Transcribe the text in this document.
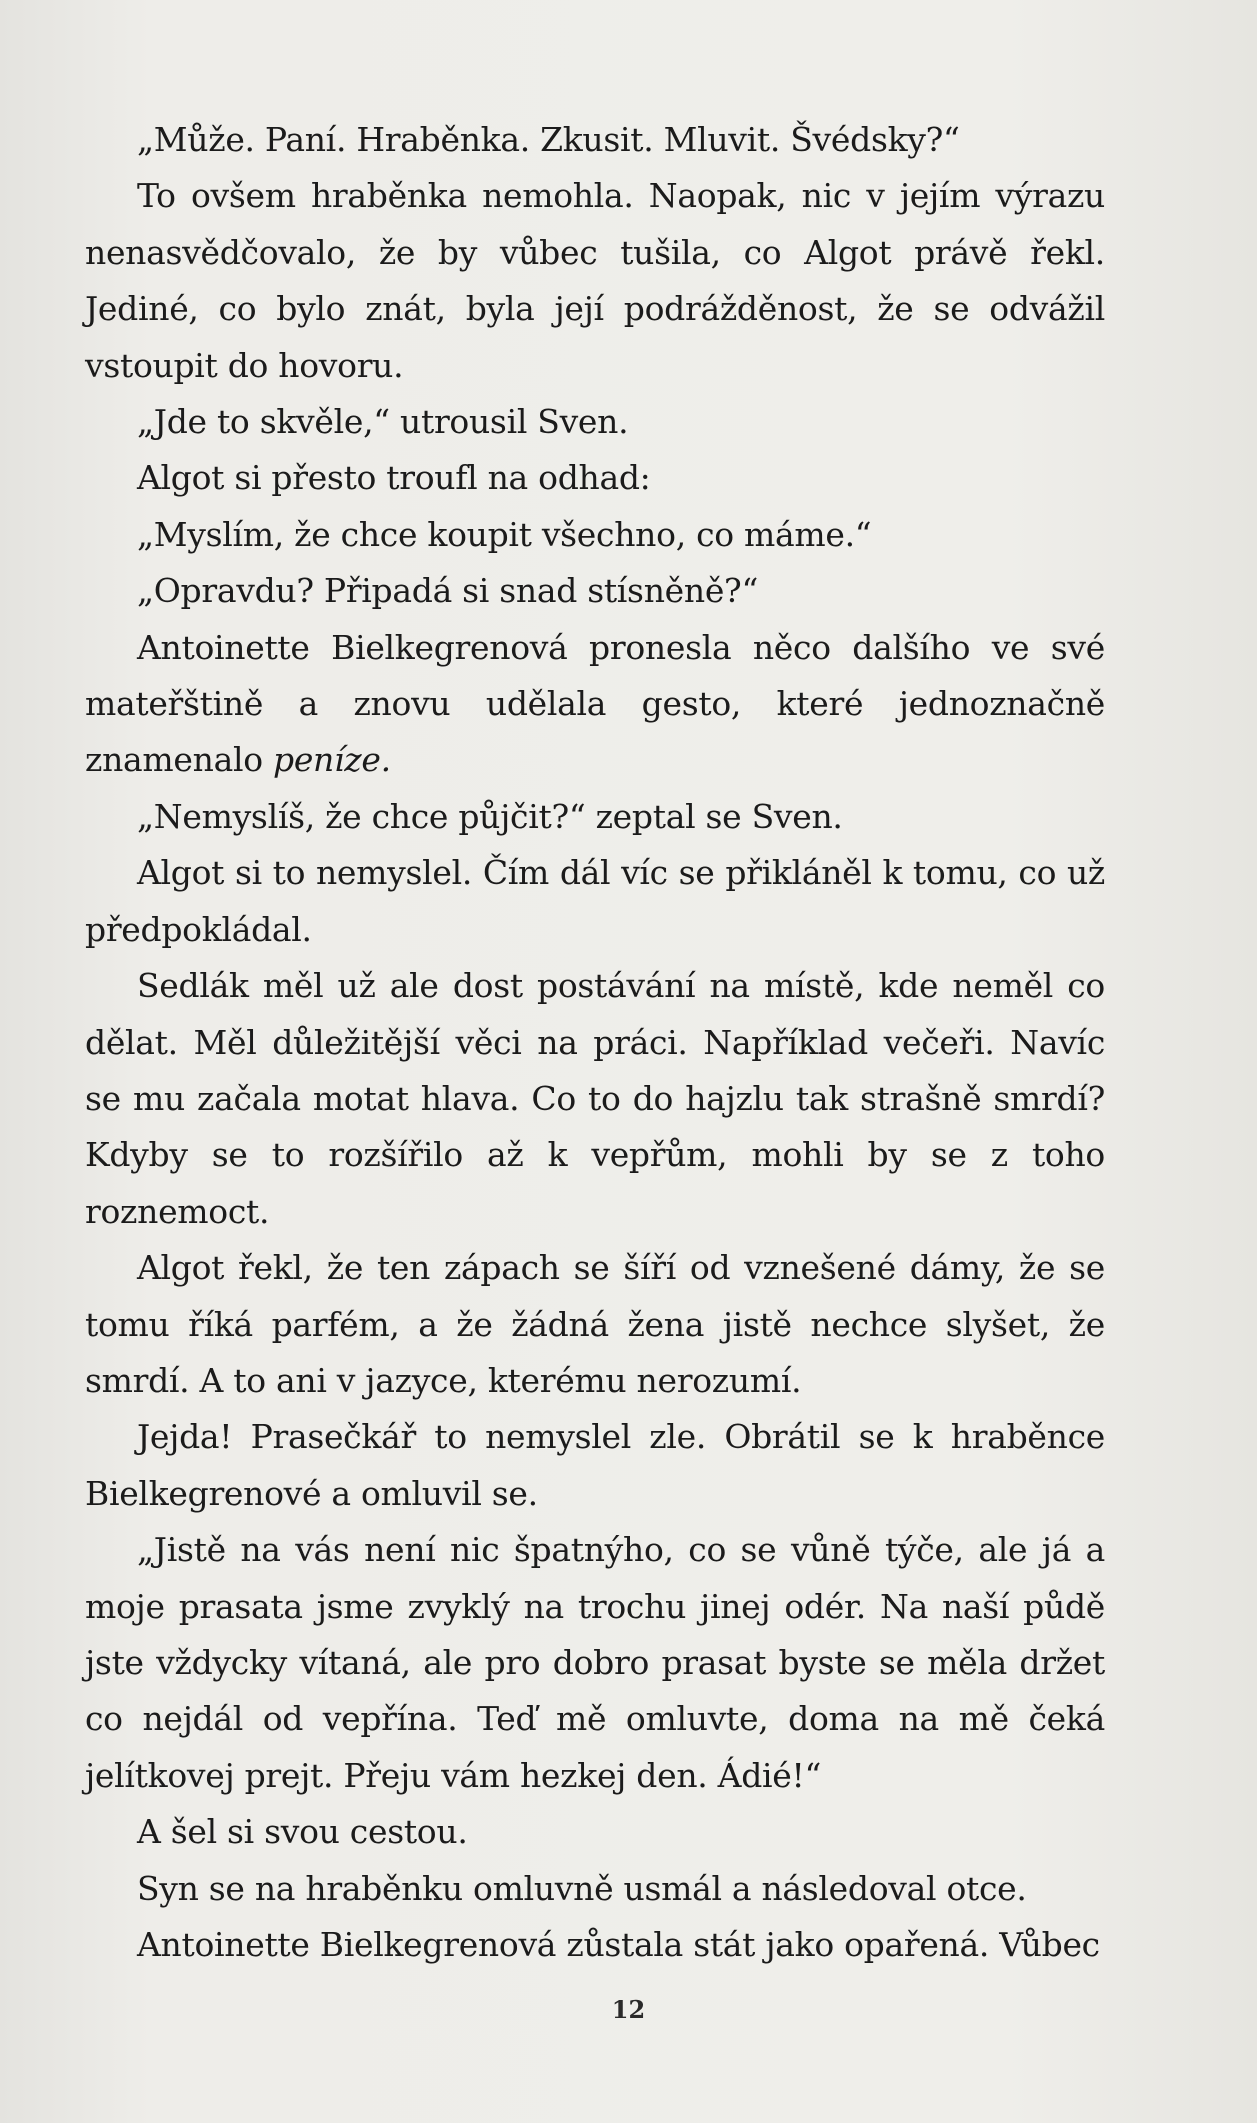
„Může. Paní. Hraběnka. Zkusit. Mluvit. Švédsky?“

To ovšem hraběnka nemohla. Naopak, nic v jejím výrazu nenasvědčovalo, že by vůbec tušila, co Algot právě řekl. Jediné, co bylo znát, byla její podrážděnost, že se odvážil vstoupit do hovoru.

„Jde to skvěle,“ utrousil Sven.

Algot si přesto troufl na odhad:

„Myslím, že chce koupit všechno, co máme.“

„Opravdu? Připadá si snad stísněně?“

Antoinette Bielkegrenová pronesla něco dalšího ve své mateřštině a znovu udělala gesto, které jednoznačně znamenalo peníze.

„Nemyslíš, že chce půjčit?“ zeptal se Sven.

Algot si to nemyslel. Čím dál víc se přikláněl k tomu, co už předpokládal.

Sedlák měl už ale dost postávání na místě, kde neměl co dělat. Měl důležitější věci na práci. Například večeři. Navíc se mu začala motat hlava. Co to do hajzlu tak strašně smrdí? Kdyby se to rozšířilo až k vepřům, mohli by se z toho roznemoct.

Algot řekl, že ten zápach se šíří od vznešené dámy, že se tomu říká parfém, a že žádná žena jistě nechce slyšet, že smrdí. A to ani v jazyce, kterému nerozumí.

Jejda! Prasečkář to nemyslel zle. Obrátil se k hraběnce Bielkegrenové a omluvil se.

„Jistě na vás není nic špatnýho, co se vůně týče, ale já a moje prasata jsme zvyklý na trochu jinej odér. Na naší půdě jste vždycky vítaná, ale pro dobro prasat byste se měla držet co nejdál od vepřína. Teď mě omluvte, doma na mě čeká jelítkovej prejt. Přeju vám hezkej den. Ádié!“

A šel si svou cestou.

Syn se na hraběnku omluvně usmál a následoval otce.

Antoinette Bielkegrenová zůstala stát jako opařená. Vůbec

12
